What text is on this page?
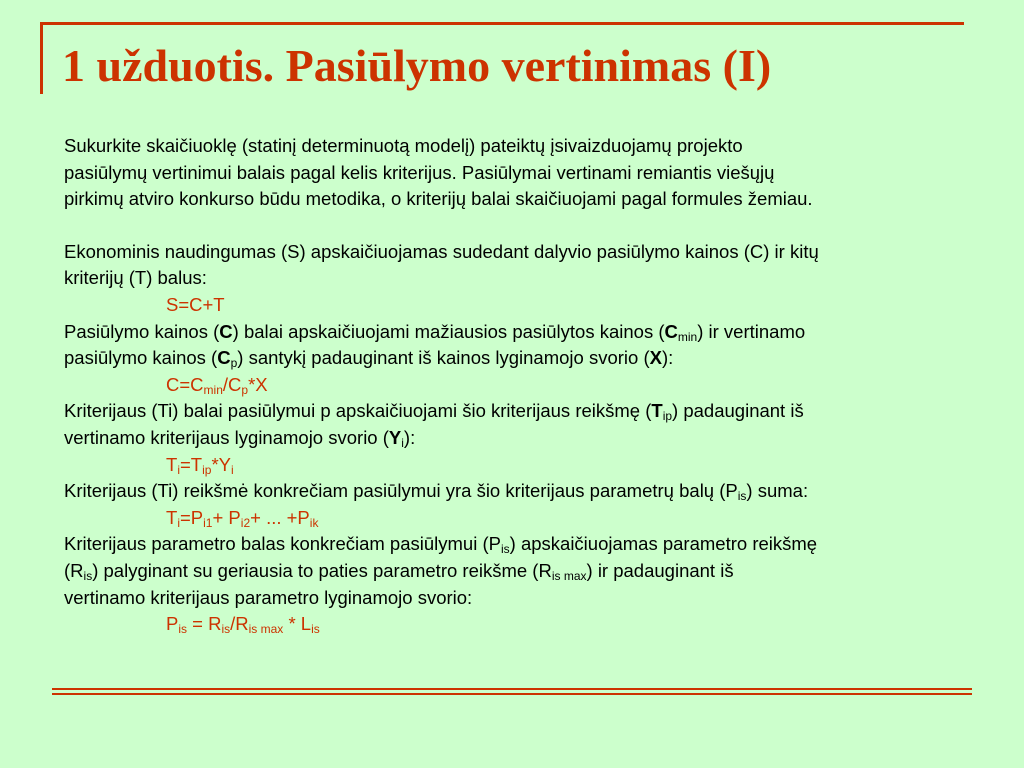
1 užduotis. Pasiūlymo vertinimas (I)

Sukurkite skaičiuoklę (statinį determinuotą modelį) pateiktų įsivaizduojamų projekto

pasiūlymų vertinimui balais pagal kelis kriterijus. Pasiūlymai vertinami remiantis viešųjų

pirkimų atviro konkurso būdu metodika, o kriterijų balai skaičiuojami pagal formules žemiau.

Ekonominis naudingumas (S) apskaičiuojamas sudedant dalyvio pasiūlymo kainos (C) ir kitų

kriterijų (T) balus:

S=C+T

Pasiūlymo kainos (C) balai apskaičiuojami mažiausios pasiūlytos kainos $(C_{min})$ ir vertinamo

pasiūlymo kainos $(C_p)$ santykį padauginant iš kainos lyginamojo svorio (X):

$C=C_{min}/C_p*X$

Kriterijaus (Ti) balai pasiūlymui p apskaičiuojami šio kriterijaus reikšmę $(T_{ip})$ padauginant iš

vertinamo kriterijaus lyginamojo svorio $(Y_i)$:

$T_i=T_{ip}*Y_i$

Kriterijaus (Ti) reikšmė konkrečiam pasiūlymui yra šio kriterijaus parametrų balų $(P_{is})$ suma:

$T_i=P_{i1}+ P_{i2}+$ ... $+P_{ik}$

Kriterijaus parametro balas konkrečiam pasiūlymui $(P_{is})$ apskaičiuojamas parametro reikšmę

$(R_{is})$ palyginant su geriausia to paties parametro reikšme $(R_{is max})$ ir padauginant iš

vertinamo kriterijaus parametro lyginamojo svorio:

$P_{is} = R_{is}/R_{is max} * L_{is}$
